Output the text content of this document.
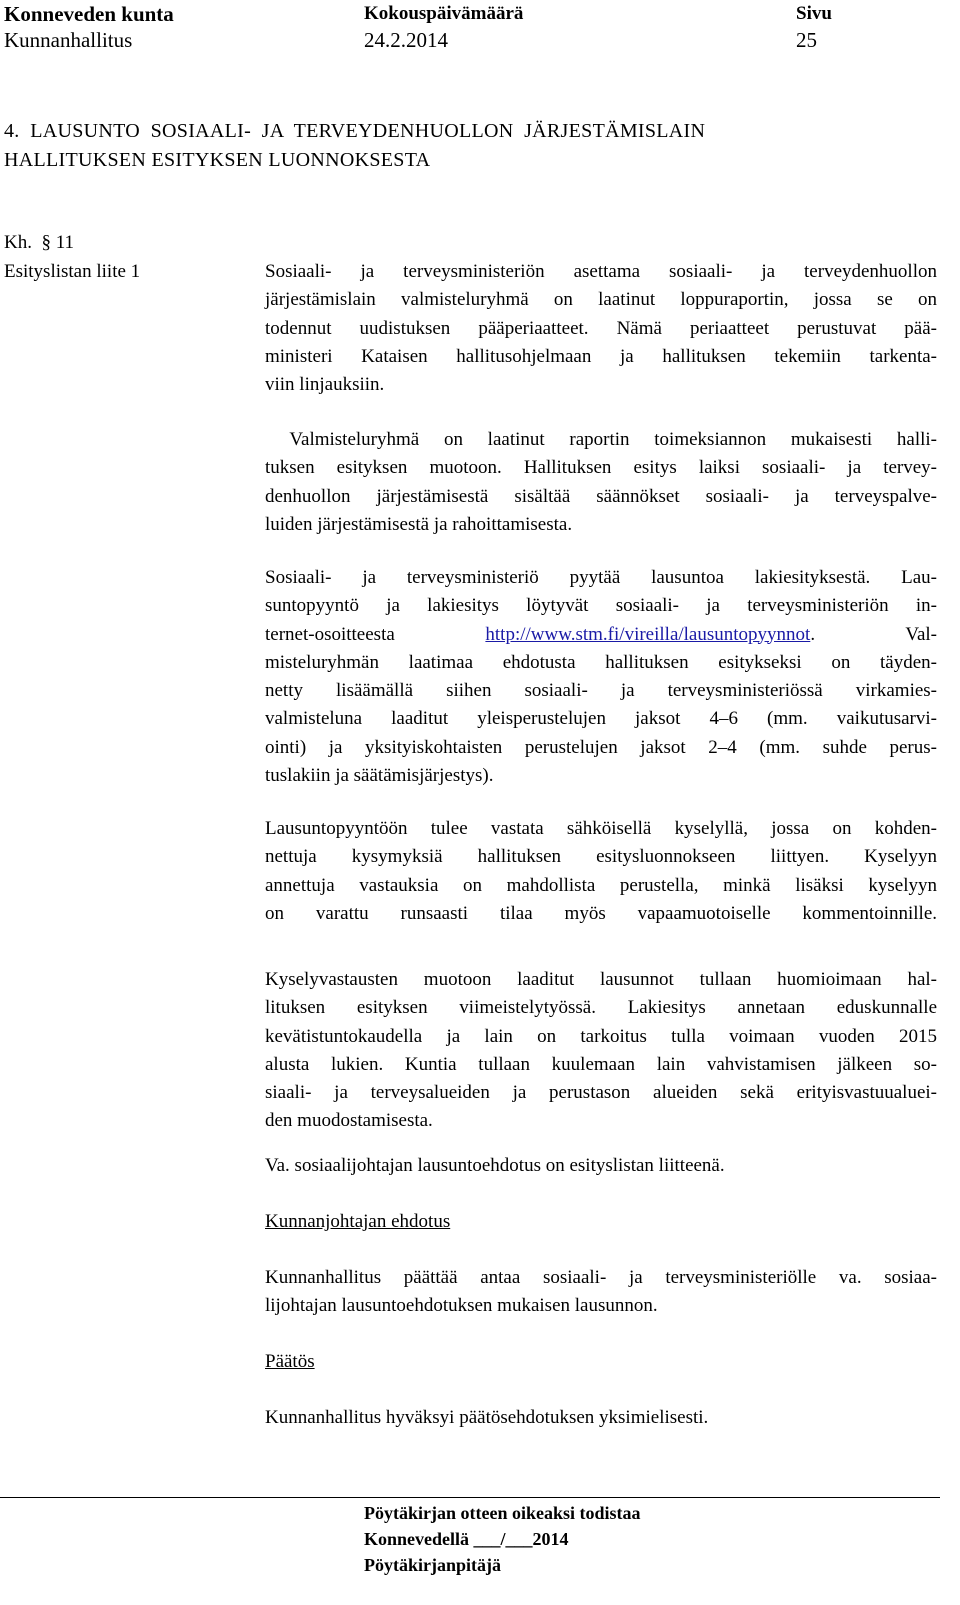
Konneveden kunta
Kunnanhallitus
Kokouspäivämäärä
24.2.2014
Sivu
25
4.  LAUSUNTO  SOSIAALI-  JA  TERVEYDENHUOLLON  JÄRJESTÄMISLAIN
HALLITUKSEN ESITYKSEN LUONNOKSESTA
Kh.  § 11
Esityslistan liite 1	Sosiaali- ja terveysministeriön asettama sosiaali- ja terveydenhuollon
järjestämislain valmisteluryhmä on laatinut loppuraportin, jossa se on
todennut uudistuksen pääperiaatteet. Nämä periaatteet perustuvat pää-
ministeri Kataisen hallitusohjelmaan ja hallituksen tekemiin tarkenta-
viin linjauksiin.
Valmisteluryhmä on laatinut raportin toimeksiannon mukaisesti halli-
tuksen esityksen muotoon. Hallituksen esitys laiksi sosiaali- ja tervey-
denhuollon järjestämisestä sisältää säännökset sosiaali- ja terveyspalve-
luiden järjestämisestä ja rahoittamisesta.
Sosiaali- ja terveysministeriö pyytää lausuntoa lakiesityksestä. Lau-
suntopyyntö ja lakiesitys löytyvät sosiaali- ja terveysministeriön in-
ternet-osoitteesta http://www.stm.fi/vireilla/lausuntopyynnot. Val-
misteluryhmän laatimaa ehdotusta hallituksen esitykseksi on täyden-
netty lisäämällä siihen sosiaali- ja terveysministeriössä virkamies-
valmisteluna laaditut yleisperustelujen jaksot 4–6 (mm. vaikutusarvi-
ointi) ja yksityiskohtaisten perustelujen jaksot 2–4 (mm. suhde perus-
tuslakiin ja säätämisjärjestys).
Lausuntopyyntöön tulee vastata sähköisellä kyselyllä, jossa on kohden-
nettuja kysymyksiä hallituksen esitysluonnokseen liittyen. Kyselyyn
annettuja vastauksia on mahdollista perustella, minkä lisäksi kyselyyn
on varattu runsaasti tilaa myös vapaamuotoiselle kommentoinnille.
Kyselyvastausten muotoon laaditut lausunnot tullaan huomioimaan hal-
lituksen esityksen viimeistelytyössä. Lakiesitys annetaan eduskunnalle
kevätistuntokaudella ja lain on tarkoitus tulla voimaan vuoden 2015
alusta lukien. Kuntia tullaan kuulemaan lain vahvistamisen jälkeen so-
siaali- ja terveysalueiden ja perustason alueiden sekä erityisvastuualuei-
den muodostamisesta.
Va. sosiaalijohtajan lausuntoehdotus on esityslistan liitteenä.
Kunnanjohtajan ehdotus
Kunnanhallitus päättää antaa sosiaali- ja terveysministeriölle va. sosiaa-
lijohtajan lausuntoehdotuksen mukaisen lausunnon.
Päätös
Kunnanhallitus hyväksyi päätösehdotuksen yksimielisesti.
Pöytäkirjan otteen oikeaksi todistaa
Konnevedellä ___/___2014
Pöytäkirjanpitäjä
